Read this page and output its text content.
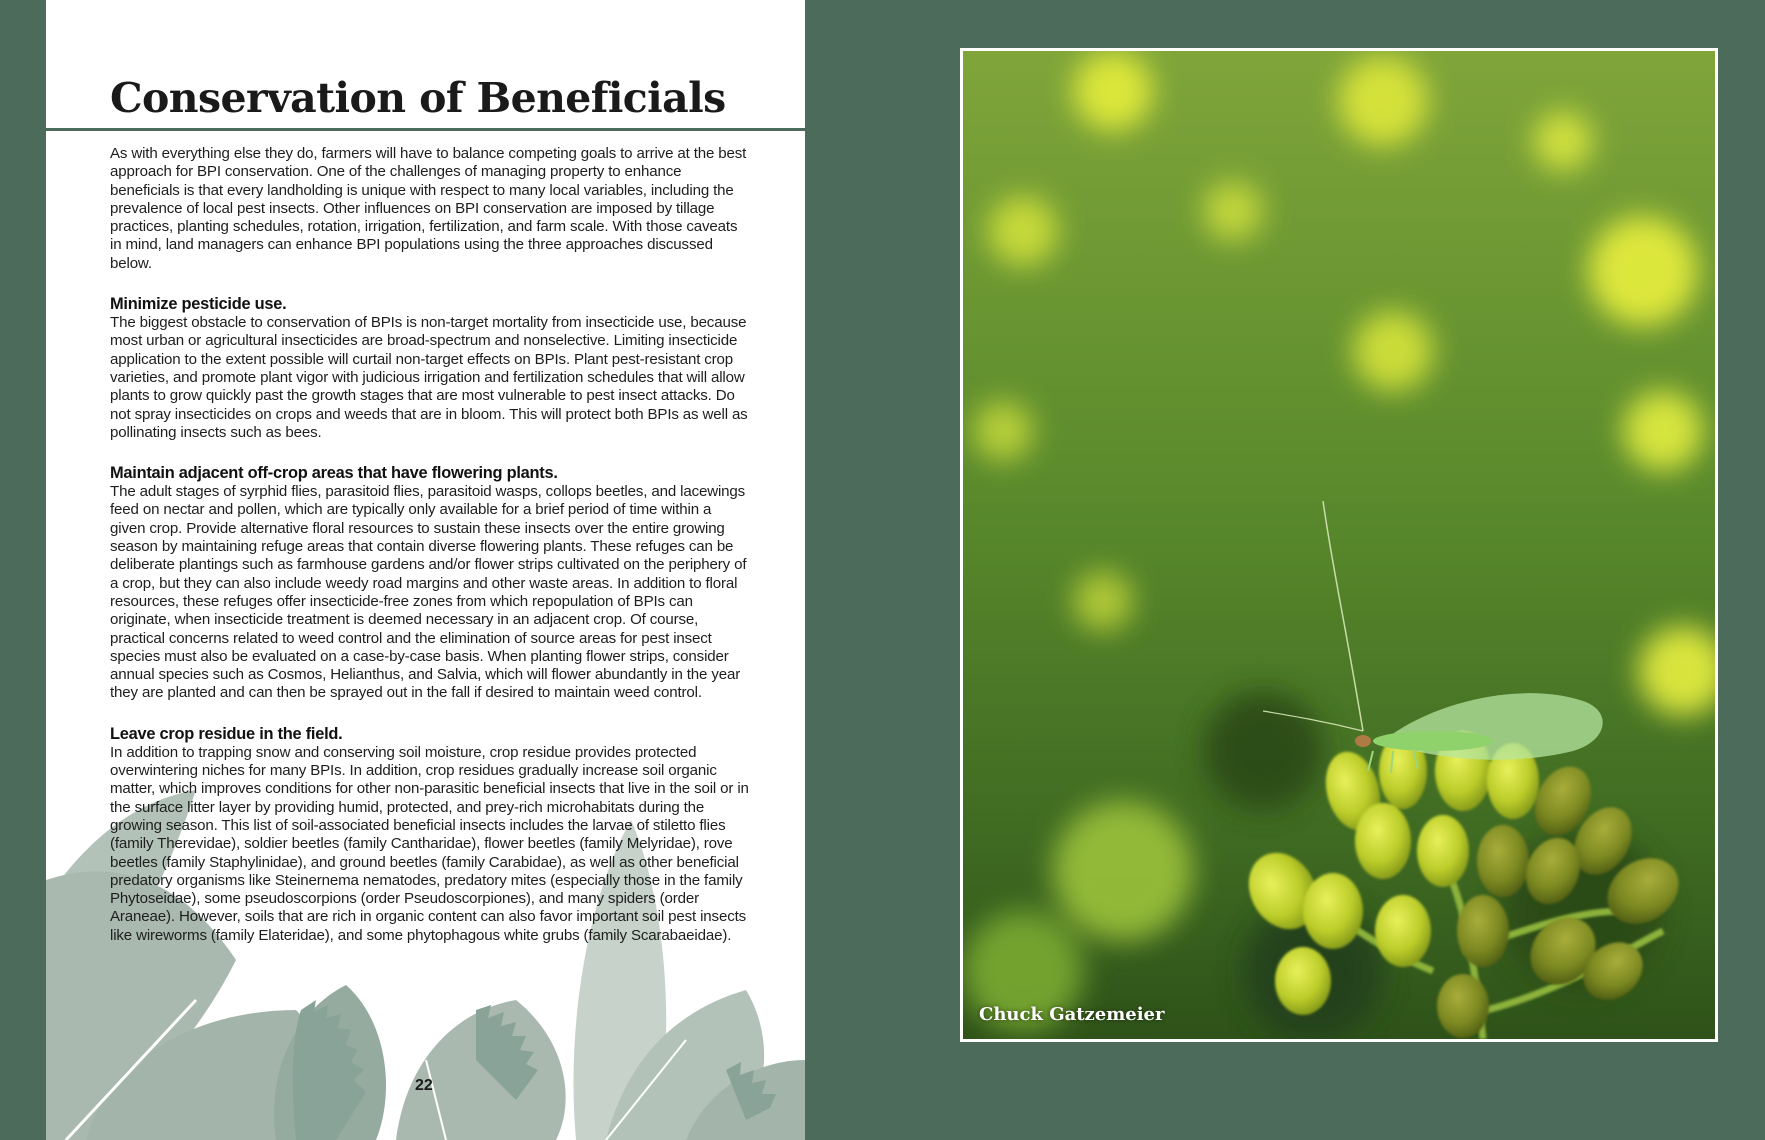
Conservation of Beneficials

As with everything else they do, farmers will have to balance competing goals to arrive at the best approach for BPI conservation. One of the challenges of managing property to enhance beneficials is that every landholding is unique with respect to many local variables, including the prevalence of local pest insects. Other influences on BPI conservation are imposed by tillage practices, planting schedules, rotation, irrigation, fertilization, and farm scale. With those caveats in mind, land managers can enhance BPI populations using the three approaches discussed below.

Minimize pesticide use.

The biggest obstacle to conservation of BPIs is non-target mortality from insecticide use, because most urban or agricultural insecticides are broad-spectrum and nonselective. Limiting insecticide application to the extent possible will curtail non-target effects on BPIs. Plant pest-resistant crop varieties, and promote plant vigor with judicious irrigation and fertilization schedules that will allow plants to grow quickly past the growth stages that are most vulnerable to pest insect attacks. Do not spray insecticides on crops and weeds that are in bloom. This will protect both BPIs as well as pollinating insects such as bees.

Maintain adjacent off-crop areas that have flowering plants.

The adult stages of syrphid flies, parasitoid flies, parasitoid wasps, collops beetles, and lacewings feed on nectar and pollen, which are typically only available for a brief period of time within a given crop. Provide alternative floral resources to sustain these insects over the entire growing season by maintaining refuge areas that contain diverse flowering plants. These refuges can be deliberate plantings such as farmhouse gardens and/or flower strips cultivated on the periphery of a crop, but they can also include weedy road margins and other waste areas. In addition to floral resources, these refuges offer insecticide-free zones from which repopulation of BPIs can originate, when insecticide treatment is deemed necessary in an adjacent crop. Of course, practical concerns related to weed control and the elimination of source areas for pest insect species must also be evaluated on a case-by-case basis. When planting flower strips, consider annual species such as Cosmos, Helianthus, and Salvia, which will flower abundantly in the year they are planted and can then be sprayed out in the fall if desired to maintain weed control.

Leave crop residue in the field.

In addition to trapping snow and conserving soil moisture, crop residue provides protected overwintering niches for many BPIs. In addition, crop residues gradually increase soil organic matter, which improves conditions for other non-parasitic beneficial insects that live in the soil or in the surface litter layer by providing humid, protected, and prey-rich microhabitats during the growing season. This list of soil-associated beneficial insects includes the larvae of stiletto flies (family Therevidae), soldier beetles (family Cantharidae), flower beetles (family Melyridae), rove beetles (family Staphylinidae), and ground beetles (family Carabidae), as well as other beneficial predatory organisms like Steinernema nematodes, predatory mites (especially those in the family Phytoseidae), some pseudoscorpions (order Pseudoscorpiones), and many spiders (order Araneae). However, soils that are rich in organic content can also favor important soil pest insects like wireworms (family Elateridae), and some phytophagous white grubs (family Scarabaeidae).

22
Chuck Gatzemeier
